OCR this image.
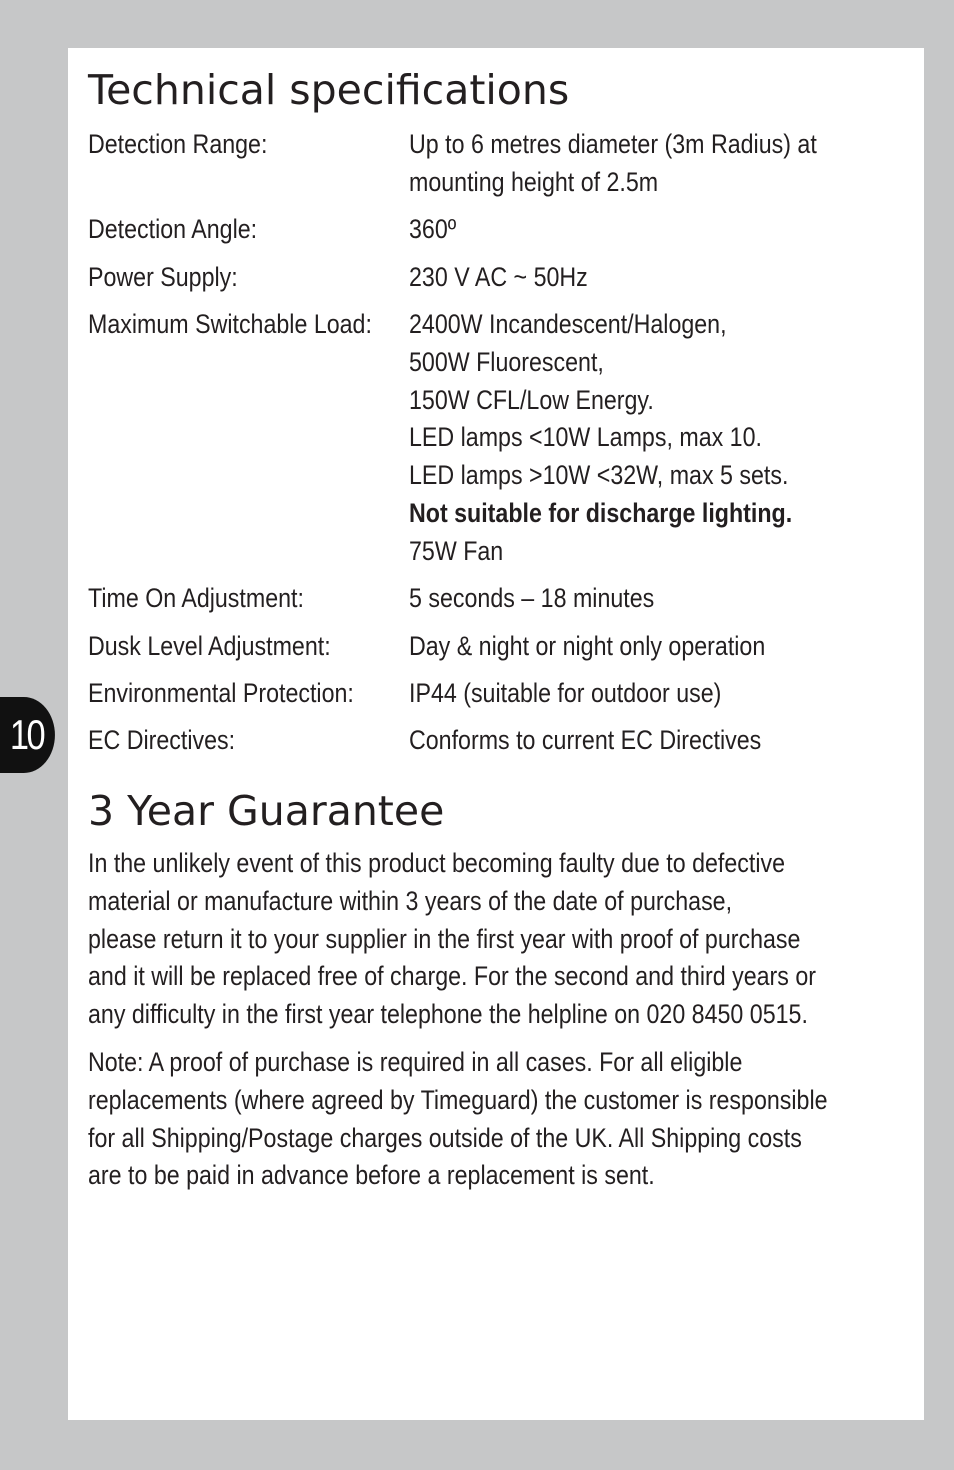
10
Technical specifications
Detection Range:	Up to 6 metres diameter (3m Radius) at
mounting height of 2.5m
Detection Angle:	360º
Power Supply:	230 V AC ~ 50Hz
Maximum Switchable Load: 2400W Incandescent/Halogen,
500W Fluorescent,
150W CFL/Low Energy.
LED lamps <10W Lamps, max 10.
LED lamps >10W <32W, max 5 sets.
Not suitable for discharge lighting.
75W Fan
Time On Adjustment:	5 seconds – 18 minutes
Dusk Level Adjustment:	Day & night or night only operation
Environmental Protection:	IP44 (suitable for outdoor use)
EC Directives:	Conforms to current EC Directives
3 Year Guarantee
In the unlikely event of this product becoming faulty due to defective
material or manufacture within 3 years of the date of purchase,
please return it to your supplier in the first year with proof of purchase
and it will be replaced free of charge. For the second and third years or
any difficulty in the first year telephone the helpline on 020 8450 0515.
Note: A proof of purchase is required in all cases. For all eligible
replacements (where agreed by Timeguard) the customer is responsible
for all Shipping/Postage charges outside of the UK. All Shipping costs
are to be paid in advance before a replacement is sent.
